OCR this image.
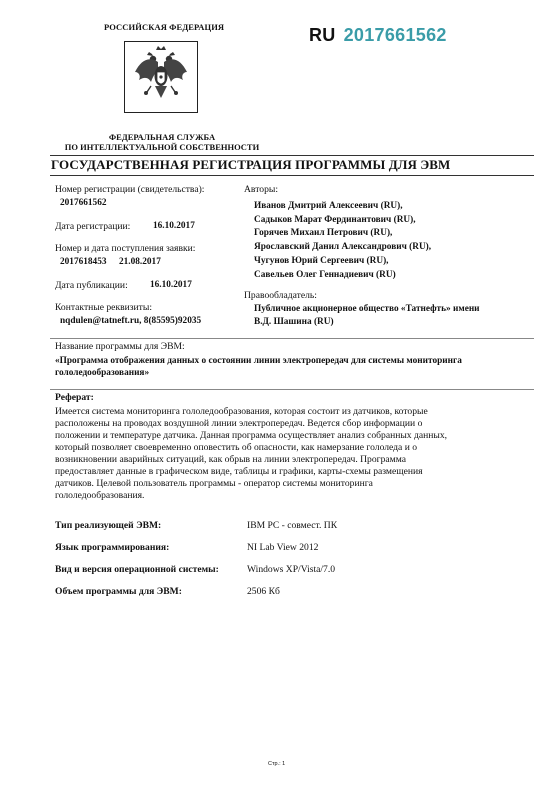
РОССИЙСКАЯ ФЕДЕРАЦИЯ
ФЕДЕРАЛЬНАЯ СЛУЖБА
ПО ИНТЕЛЛЕКТУАЛЬНОЙ СОБСТВЕННОСТИ
RU 2017661562
ГОСУДАРСТВЕННАЯ РЕГИСТРАЦИЯ ПРОГРАММЫ ДЛЯ ЭВМ
Номер регистрации (свидетельства):
2017661562
Дата регистрации: 16.10.2017
Номер и дата поступления заявки:
2017618453 21.08.2017
Дата публикации: 16.10.2017
Контактные реквизиты:
nqdulen@tatneft.ru, 8(85595)92035
Авторы:
Иванов Дмитрий Алексеевич (RU),
Садыков Марат Фердинантович (RU),
Горячев Михаил Петрович (RU),
Ярославский Данил Александрович (RU),
Чугунов Юрий Сергеевич (RU),
Савельев Олег Геннадиевич (RU)
Правообладатель:
Публичное акционерное общество «Татнефть» имени
В.Д. Шашина (RU)
Название программы для ЭВМ:
«Программа отображения данных о состоянии линии электропередач для системы мониторинга
гололедообразования»
Реферат:
Имеется система мониторинга гололедообразования, которая состоит из датчиков, которые
расположены на проводах воздушной линии электропередач. Ведется сбор информации о
положении и температуре датчика. Данная программа осуществляет анализ собранных данных,
который позволяет своевременно оповестить об опасности, как намерзание гололеда и о
возникновении аварийных ситуаций, как обрыв на линии электропередач. Программа
предоставляет данные в графическом виде, таблицы и графики, карты-схемы размещения
датчиков. Целевой пользователь программы - оператор системы мониторинга
гололедообразования.
Тип реализующей ЭВМ:	IBM PC - совмест. ПК
Язык программирования:	NI Lab View 2012
Вид и версия операционной системы:	Windows XP/Vista/7.0
Объем программы для ЭВМ:	2506 Кб
Стр.: 1
